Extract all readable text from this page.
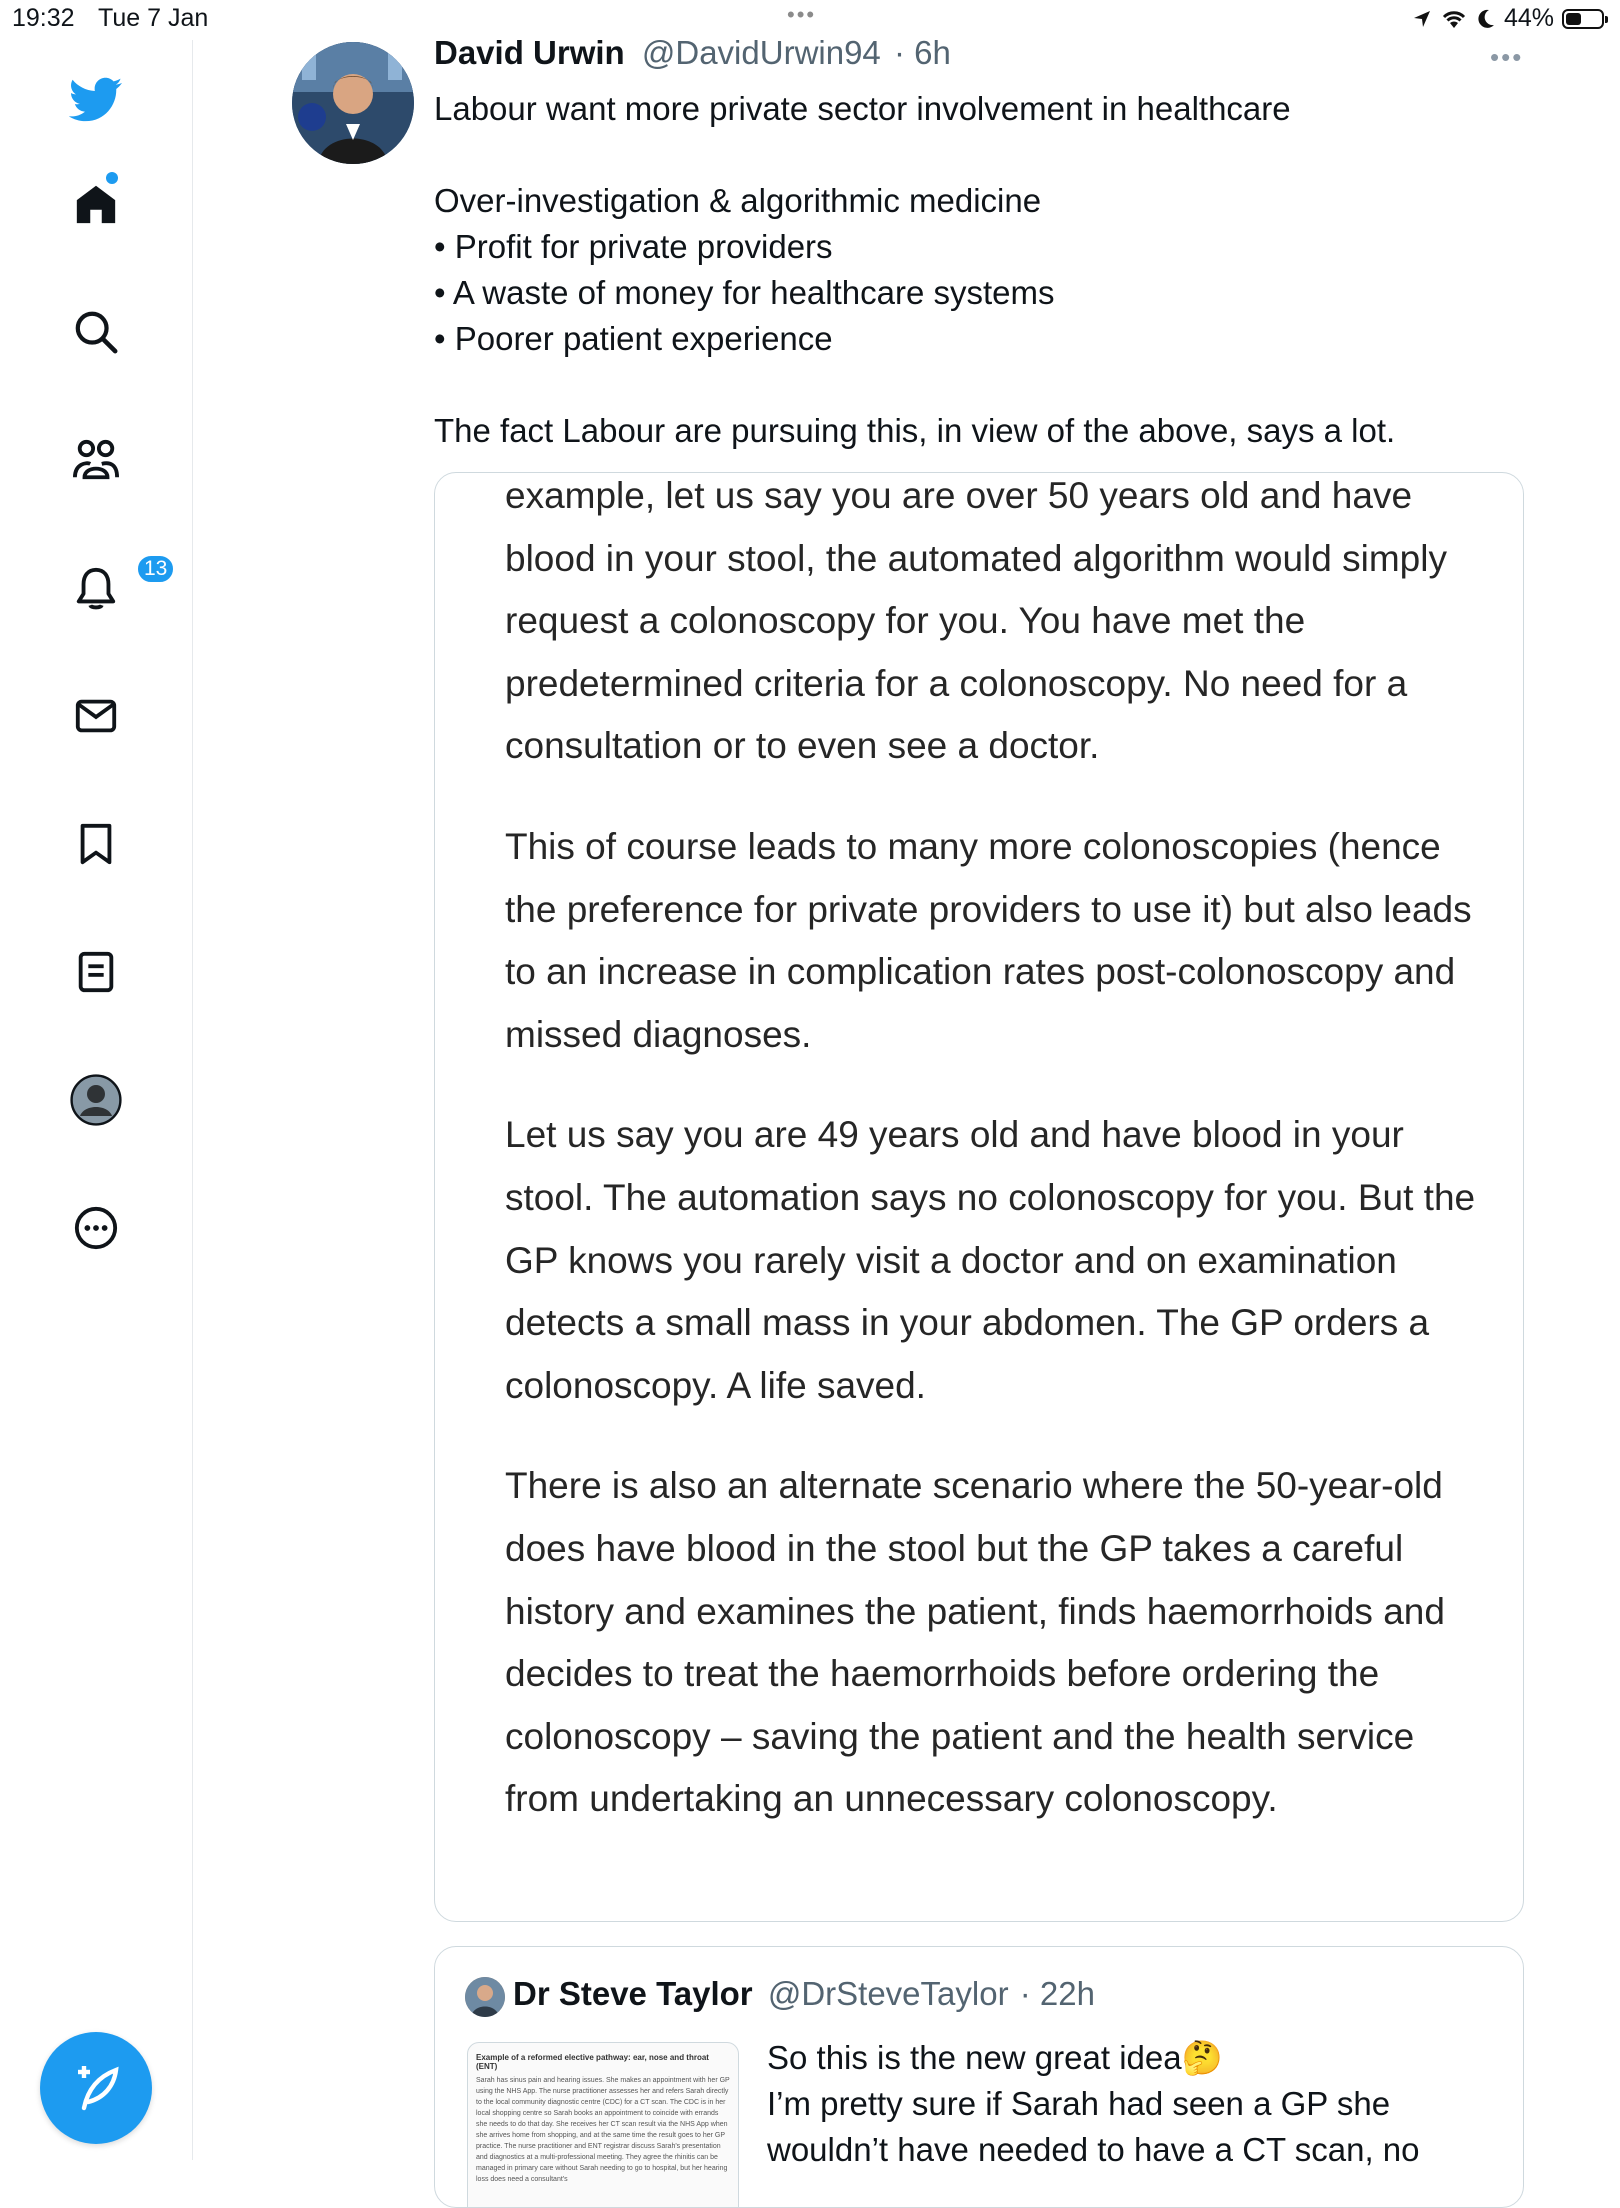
19:32 Tue 7 Jan	•••	44%
13
David Urwin @DavidUrwin94 · 6h	•••

Labour want more private sector involvement in healthcare

Over-investigation & algorithmic medicine

• Profit for private providers

• A waste of money for healthcare systems

• Poorer patient experience

The fact Labour are pursuing this, in view of the above, says a lot.

example, let us say you are over 50 years old and have blood in your stool, the automated algorithm would simply request a colonoscopy for you. You have met the predetermined criteria for a colonoscopy. No need for a consultation or to even see a doctor.

This of course leads to many more colonoscopies (hence the preference for private providers to use it) but also leads to an increase in complication rates post-colonoscopy and missed diagnoses.

Let us say you are 49 years old and have blood in your stool. The automation says no colonoscopy for you. But the GP knows you rarely visit a doctor and on examination detects a small mass in your abdomen. The GP orders a colonoscopy. A life saved.

There is also an alternate scenario where the 50-year-old does have blood in the stool but the GP takes a careful history and examines the patient, finds haemorrhoids and decides to treat the haemorrhoids before ordering the colonoscopy – saving the patient and the health service from undertaking an unnecessary colonoscopy.

Dr Steve Taylor @DrSteveTaylor · 22h
Example of a reformed elective pathway: ear, nose and throat (ENT)
Sarah has sinus pain and hearing issues. She makes an appointment with her GP using the NHS App. The nurse practitioner assesses her and refers Sarah directly to the local community diagnostic centre (CDC) for a CT scan. The CDC is in her local shopping centre so Sarah books an appointment to coincide with errands she needs to do that day. She receives her CT scan result via the NHS App when she arrives home from shopping, and at the same time the result goes to her GP practice. The nurse practitioner and ENT registrar discuss Sarah's presentation and diagnostics at a multi-professional meeting. They agree the rhinitis can be managed in primary care without Sarah needing to go to hospital, but her hearing loss does need a consultant's

So this is the new great idea🤔

I’m pretty sure if Sarah had seen a GP she

wouldn’t have needed to have a CT scan, no
